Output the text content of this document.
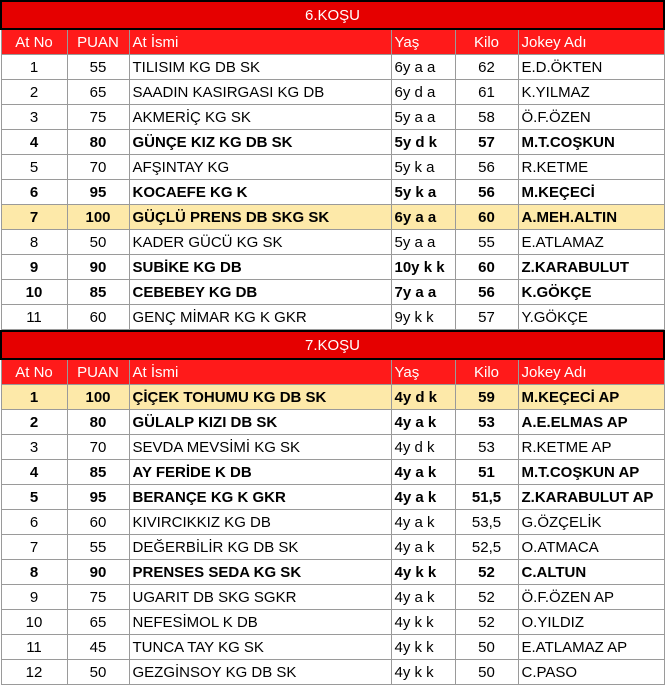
6.KOŞU					
At No	PUAN	At İsmi	Yaş	Kilo	Jokey Adı
1	55	TILISIM KG DB SK	6y a a	62	E.D.ÖKTEN
2	65	SAADIN KASIRGASI KG DB	6y d a	61	K.YILMAZ
3	75	AKMERİÇ KG SK	5y a a	58	Ö.F.ÖZEN
4	80	GÜNÇE KIZ KG DB SK	5y d k	57	M.T.COŞKUN
5	70	AFŞINTAY KG	5y k a	56	R.KETME
6	95	KOCAEFE KG K	5y k a	56	M.KEÇECİ
7	100	GÜÇLÜ PRENS DB SKG SK	6y a a	60	A.MEH.ALTIN
8	50	KADER GÜCÜ KG SK	5y a a	55	E.ATLAMAZ
9	90	SUBİKE KG DB	10y k k	60	Z.KARABULUT
10	85	CEBEBEY KG DB	7y a a	56	K.GÖKÇE
11	60	GENÇ MİMAR KG K GKR	9y k k	57	Y.GÖKÇE
7.KOŞU					
At No	PUAN	At İsmi	Yaş	Kilo	Jokey Adı
1	100	ÇİÇEK TOHUMU KG DB SK	4y d k	59	M.KEÇECİ AP
2	80	GÜLALP KIZI DB SK	4y a k	53	A.E.ELMAS AP
3	70	SEVDA MEVSİMİ KG SK	4y d k	53	R.KETME AP
4	85	AY FERİDE K DB	4y a k	51	M.T.COŞKUN AP
5	95	BERANÇE KG K GKR	4y a k	51,5	Z.KARABULUT AP
6	60	KIVIRCIKKIZ KG DB	4y a k	53,5	G.ÖZÇELİK
7	55	DEĞERBİLİR KG DB SK	4y a k	52,5	O.ATMACA
8	90	PRENSES SEDA KG SK	4y k k	52	C.ALTUN
9	75	UGARIT DB SKG SGKR	4y a k	52	Ö.F.ÖZEN AP
10	65	NEFESİMOL K DB	4y k k	52	O.YILDIZ
11	45	TUNCA TAY KG SK	4y k k	50	E.ATLAMAZ AP
12	50	GEZGİNSOY KG DB SK	4y k k	50	C.PASO
